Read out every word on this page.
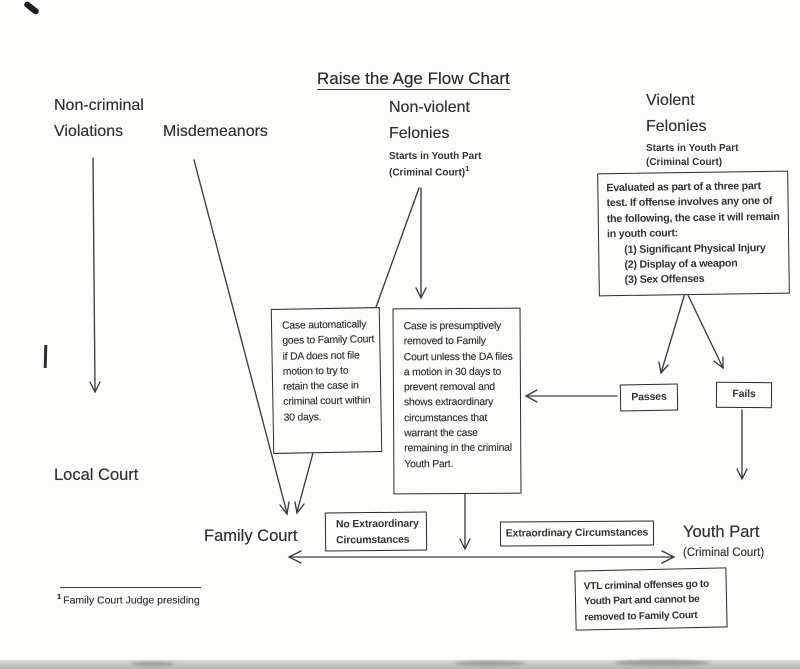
Raise the Age Flow Chart
Non-criminal Violations	Misdemeanors
Non-violent Felonies
Starts in Youth Part
(Criminal Court)$^1$
Violent Felonies
Starts in Youth Part
(Criminal Court)
Evaluated as part of a three part test. If offense involves any one of the following, the case it will remain in youth court:
(1) Significant Physical Injury
(2) Display of a weapon
(3) Sex Offenses
Passes	Fails
Case automatically goes to Family Court if DA does not file motion to try to retain the case in criminal court within 30 days.
Case is presumptively removed to Family Court unless the DA files a motion in 30 days to prevent removal and shows extraordinary circumstances that warrant the case remaining in the criminal Youth Part.
No Extraordinary Circumstances
Extraordinary Circumstances
Local Court
Family Court	Youth Part
(Criminal Court)
VTL criminal offenses go to Youth Part and cannot be removed to Family Court
$^1$ Family Court Judge presiding
